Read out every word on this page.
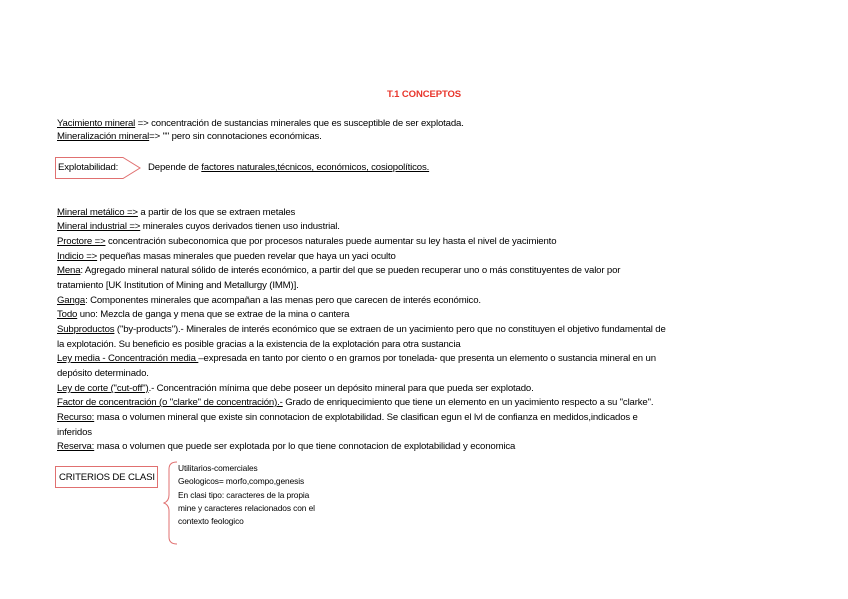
T.1 CONCEPTOS
Yacimiento mineral => concentración de sustancias minerales que es susceptible de ser explotada.
Mineralización mineral=> "" pero sin connotaciones económicas.
Explotabilidad:	Depende de factores naturales,técnicos, económicos, cosiopolíticos.
Mineral metálico => a partir de los que se extraen metales
Mineral industrial => minerales cuyos derivados tienen uso industrial.
Proctore => concentración subeconomica que por procesos naturales puede aumentar su ley hasta el nivel de yacimiento
Indicio => pequeñas masas minerales que pueden revelar que haya un yaci oculto
Mena: Agregado mineral natural sólido de interés económico, a partir del que se pueden recuperar uno o más constituyentes de valor por
tratamiento [UK Institution of Mining and Metallurgy (IMM)].
Ganga: Componentes minerales que acompañan a las menas pero que carecen de interés económico.
Todo uno: Mezcla de ganga y mena que se extrae de la mina o cantera
Subproductos ("by-products").- Minerales de interés económico que se extraen de un yacimiento pero que no constituyen el objetivo fundamental de
la explotación. Su beneficio es posible gracias a la existencia de la explotación para otra sustancia
Ley media - Concentración media –expresada en tanto por ciento o en gramos por tonelada- que presenta un elemento o sustancia mineral en un
depósito determinado.
Ley de corte ("cut-off").- Concentración mínima que debe poseer un depósito mineral para que pueda ser explotado.
Factor de concentración (o "clarke" de concentración).- Grado de enriquecimiento que tiene un elemento en un yacimiento respecto a su "clarke".
Recurso: masa o volumen mineral que existe sin connotacion de explotabilidad. Se clasifican egun el lvl de confianza en medidos,indicados e
inferidos
Reserva: masa o volumen que puede ser explotada por lo que tiene connotacion de explotabilidad y economica
CRITERIOS DE CLASI
Utilitarios-comerciales
Geologicos= morfo,compo,genesis
En clasi tipo: caracteres de la propia
mine y caracteres relacionados con el
contexto feologico
